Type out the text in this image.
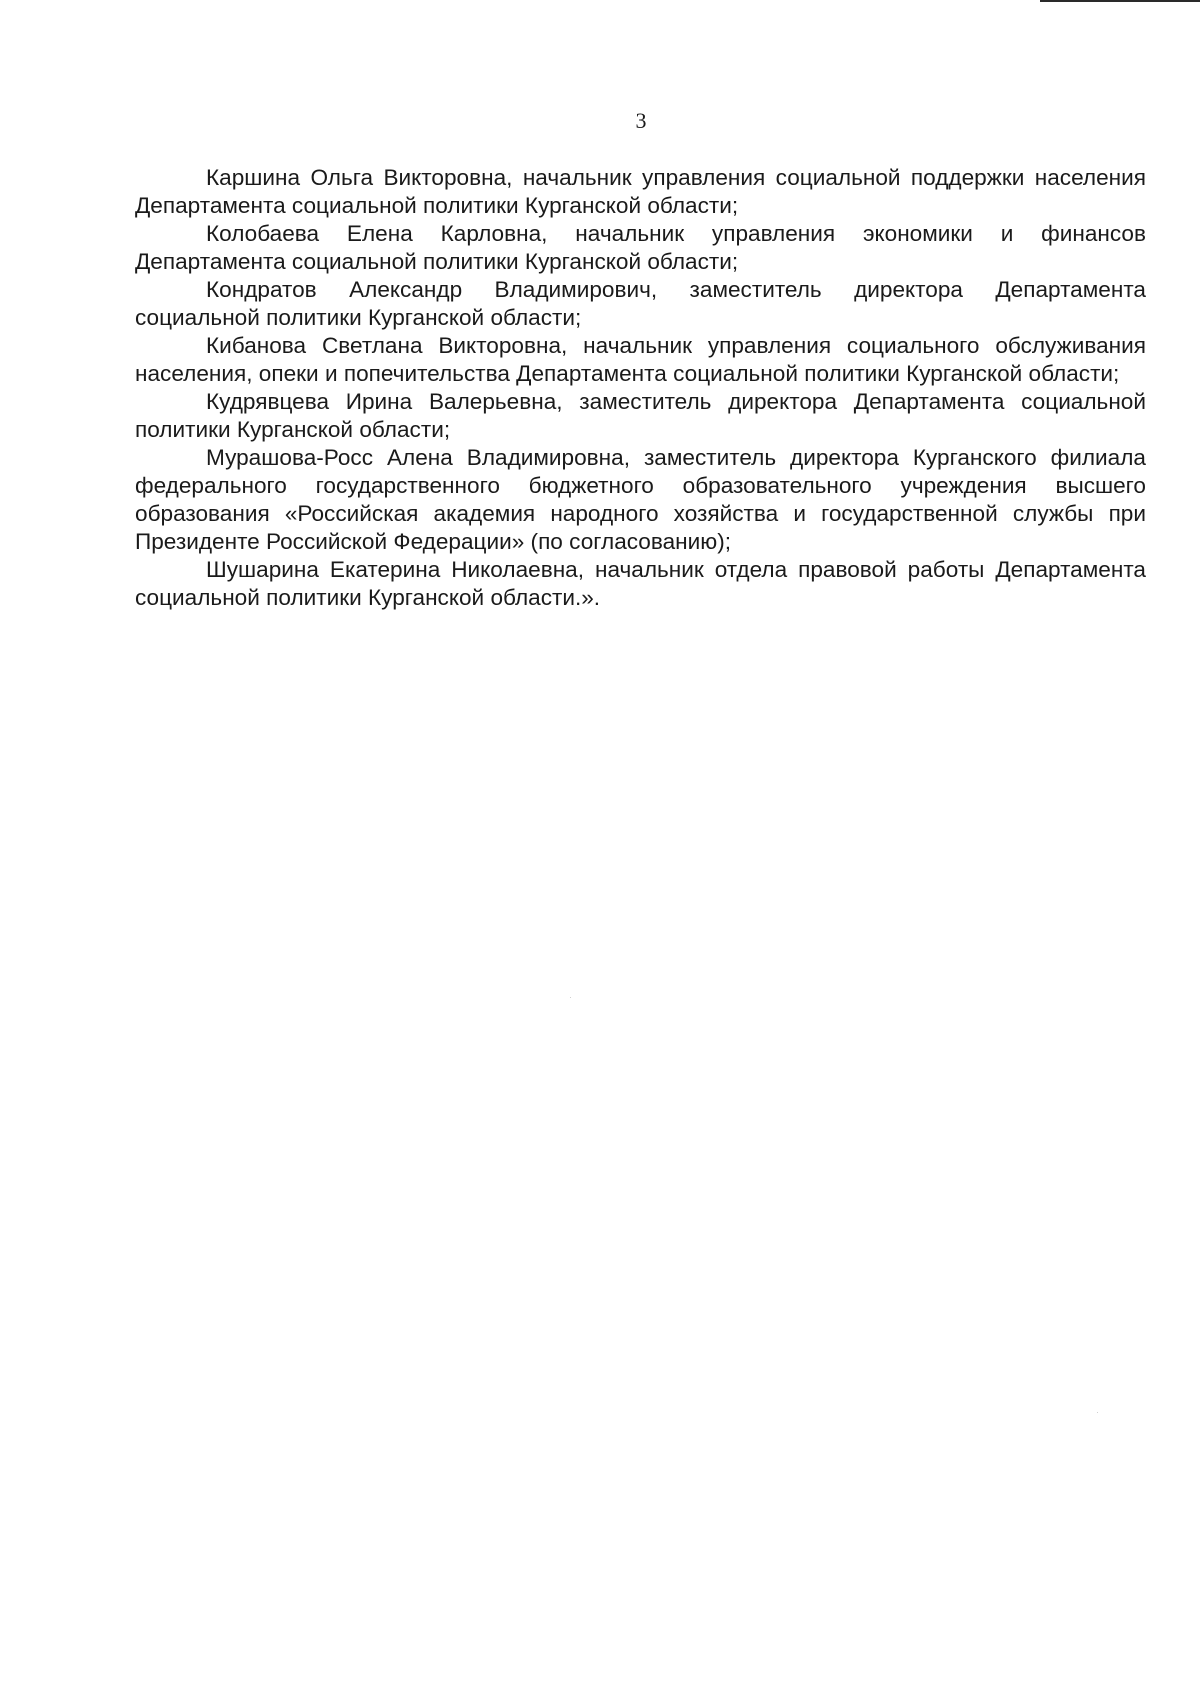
3

Каршина Ольга Викторовна, начальник управления социальной поддержки населения Департамента социальной политики Курганской области;

Колобаева Елена Карловна, начальник управления экономики и финансов Департамента социальной политики Курганской области;

Кондратов Александр Владимирович, заместитель директора Департамента социальной политики Курганской области;

Кибанова Светлана Викторовна, начальник управления социального обслуживания населения, опеки и попечительства Департамента социальной политики Курганской области;

Кудрявцева Ирина Валерьевна, заместитель директора Департамента социальной политики Курганской области;

Мурашова-Росс Алена Владимировна, заместитель директора Курганского филиала федерального государственного бюджетного образовательного учреждения высшего образования «Российская академия народного хозяйства и государственной службы при Президенте Российской Федерации» (по согласованию);

Шушарина Екатерина Николаевна, начальник отдела правовой работы Департамента социальной политики Курганской области.».
